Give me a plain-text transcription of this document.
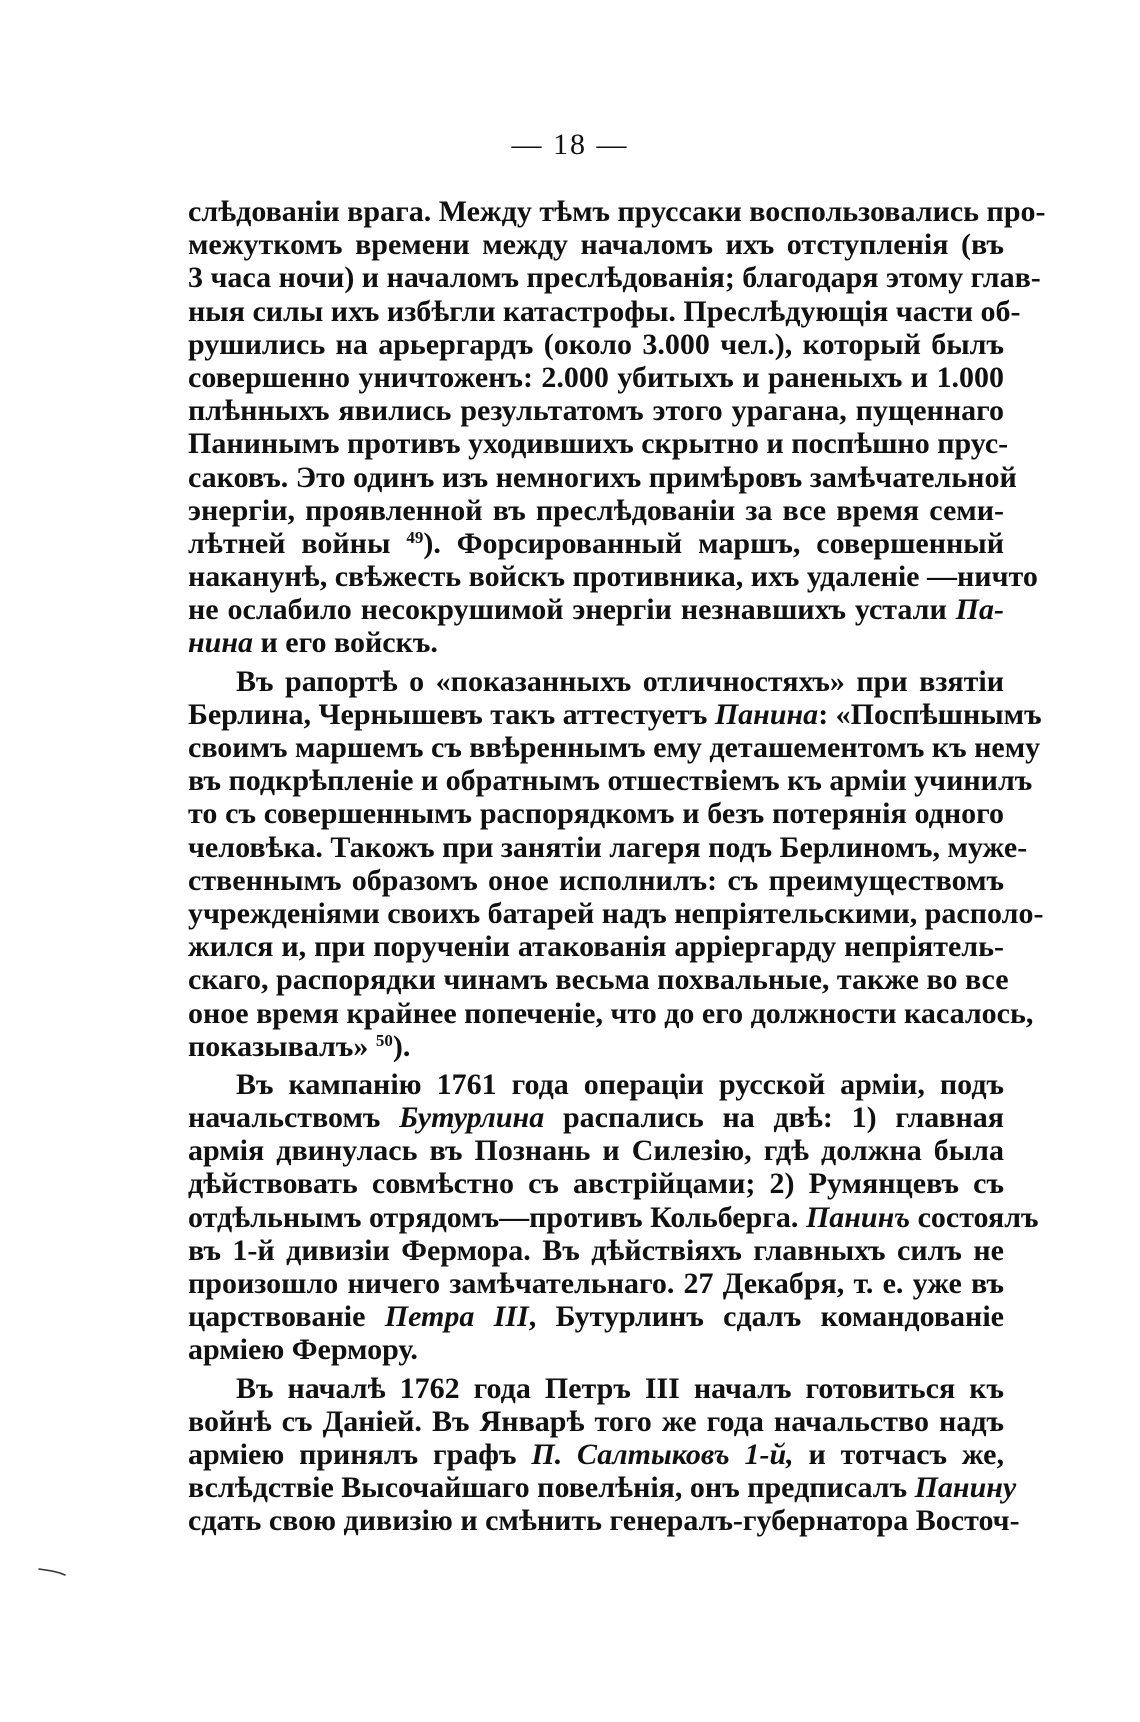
— 18 —
слѣдованіи врага. Между тѣмъ пруссаки воспользовались про-
межуткомъ времени между началомъ ихъ отступленія (въ
3 часа ночи) и началомъ преслѣдованія; благодаря этому глав-
ныя силы ихъ избѣгли катастрофы. Преслѣдующія части об-
рушились на арьергардъ (около 3.000 чел.), который былъ
совершенно уничтоженъ: 2.000 убитыхъ и раненыхъ и 1.000
плѣнныхъ явились результатомъ этого урагана, пущеннаго
Панинымъ противъ уходившихъ скрытно и поспѣшно прус-
саковъ. Это одинъ изъ немногихъ примѣровъ замѣчательной
энергіи, проявленной въ преслѣдованіи за все время семи-
лѣтней войны $^{49}$). Форсированный маршъ, совершенный
наканунѣ, свѣжесть войскъ противника, ихъ удаленіе —ничто
не ослабило несокрушимой энергіи незнавшихъ устали Па-
нина и его войскъ.
Въ рапортѣ о «показанныхъ отличностяхъ» при взятіи
Берлина, Чернышевъ такъ аттестуетъ Панина: «Поспѣшнымъ
своимъ маршемъ съ ввѣреннымъ ему деташементомъ къ нему
въ подкрѣпленіе и обратнымъ отшествіемъ къ арміи учинилъ
то съ совершеннымъ распорядкомъ и безъ потерянія одного
человѣка. Такожъ при занятіи лагеря подъ Берлиномъ, муже-
ственнымъ образомъ оное исполнилъ: съ преимуществомъ
учрежденіями своихъ батарей надъ непріятельскими, располо-
жился и, при порученіи атакованія арріергарду непріятель-
скаго, распорядки чинамъ весьма похвальные, также во все
оное время крайнее попеченіе, что до его должности касалось,
показывалъ» $^{50}$).
Въ кампанію 1761 года операціи русской арміи, подъ
начальствомъ Бутурлина распались на двѣ: 1) главная
армія двинулась въ Познань и Силезію, гдѣ должна была
дѣйствовать совмѣстно съ австрійцами; 2) Румянцевъ съ
отдѣльнымъ отрядомъ—противъ Кольберга. Панинъ состоялъ
въ 1-й дивизіи Фермора. Въ дѣйствіяхъ главныхъ силъ не
произошло ничего замѣчательнаго. 27 Декабря, т. е. уже въ
царствованіе Петра III, Бутурлинъ сдалъ командованіе
арміею Фермору.
Въ началѣ 1762 года Петръ III началъ готовиться къ
войнѣ съ Даніей. Въ Январѣ того же года начальство надъ
арміею принялъ графъ П. Салтыковъ 1-й, и тотчасъ же,
вслѣдствіе Высочайшаго повелѣнія, онъ предписалъ Панину
сдать свою дивизію и смѣнить генералъ-губернатора Восточ-
